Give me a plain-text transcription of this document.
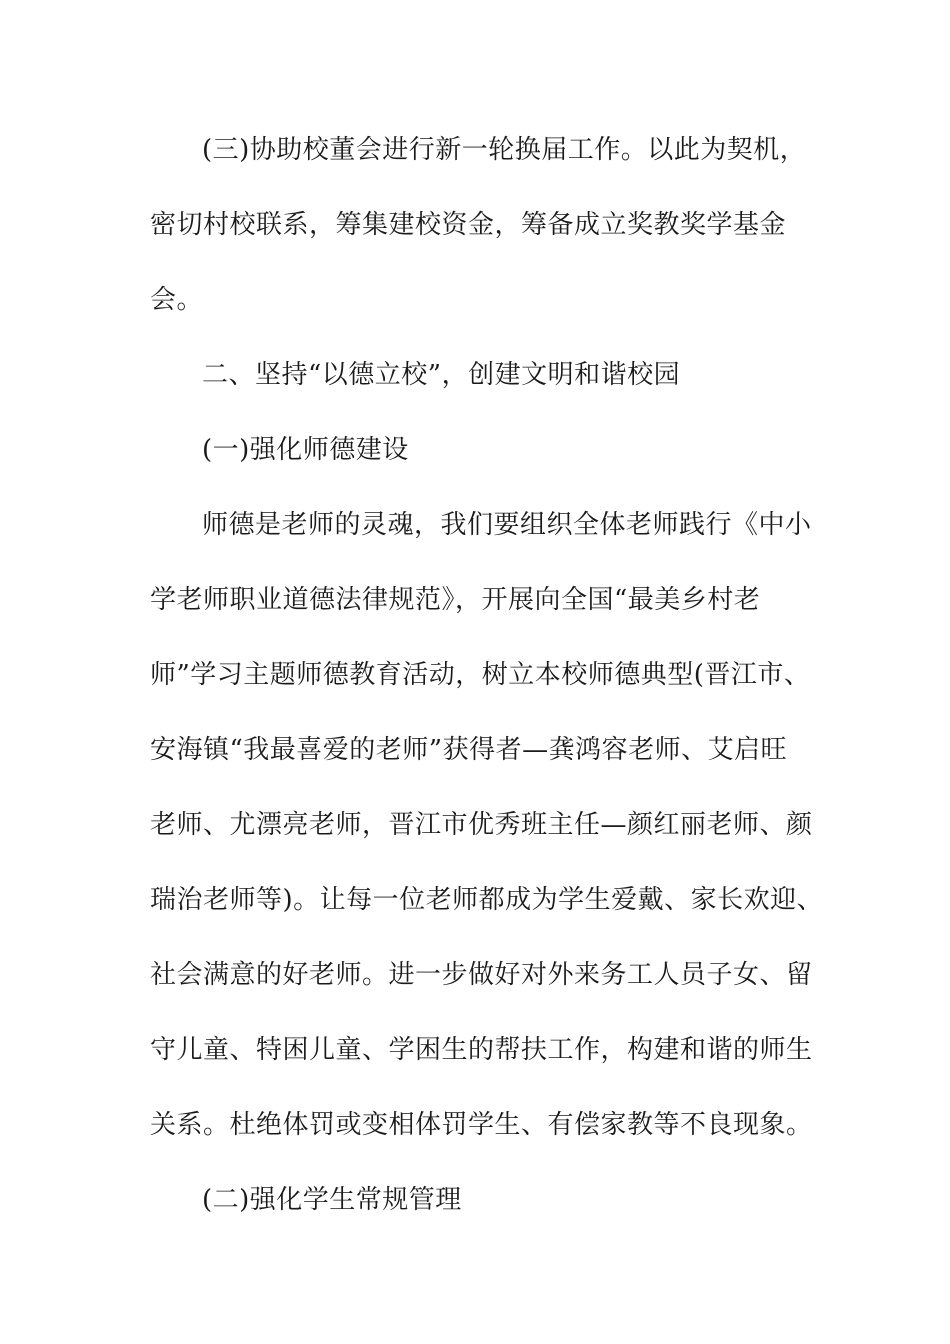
(三)协助校董会进行新一轮换届工作。以此为契机，
密切村校联系，筹集建校资金，筹备成立奖教奖学基金
会。
二、坚持“以德立校”，创建文明和谐校园
(一)强化师德建设
师德是老师的灵魂，我们要组织全体老师践行《中小
学老师职业道德法律规范》，开展向全国“最美乡村老
师”学习主题师德教育活动，树立本校师德典型(晋江市、
安海镇“我最喜爱的老师”获得者—龚鸿容老师、艾启旺
老师、尤漂亮老师，晋江市优秀班主任—颜红丽老师、颜
瑞治老师等)。让每一位老师都成为学生爱戴、家长欢迎、
社会满意的好老师。进一步做好对外来务工人员子女、留
守儿童、特困儿童、学困生的帮扶工作，构建和谐的师生
关系。杜绝体罚或变相体罚学生、有偿家教等不良现象。
(二)强化学生常规管理
